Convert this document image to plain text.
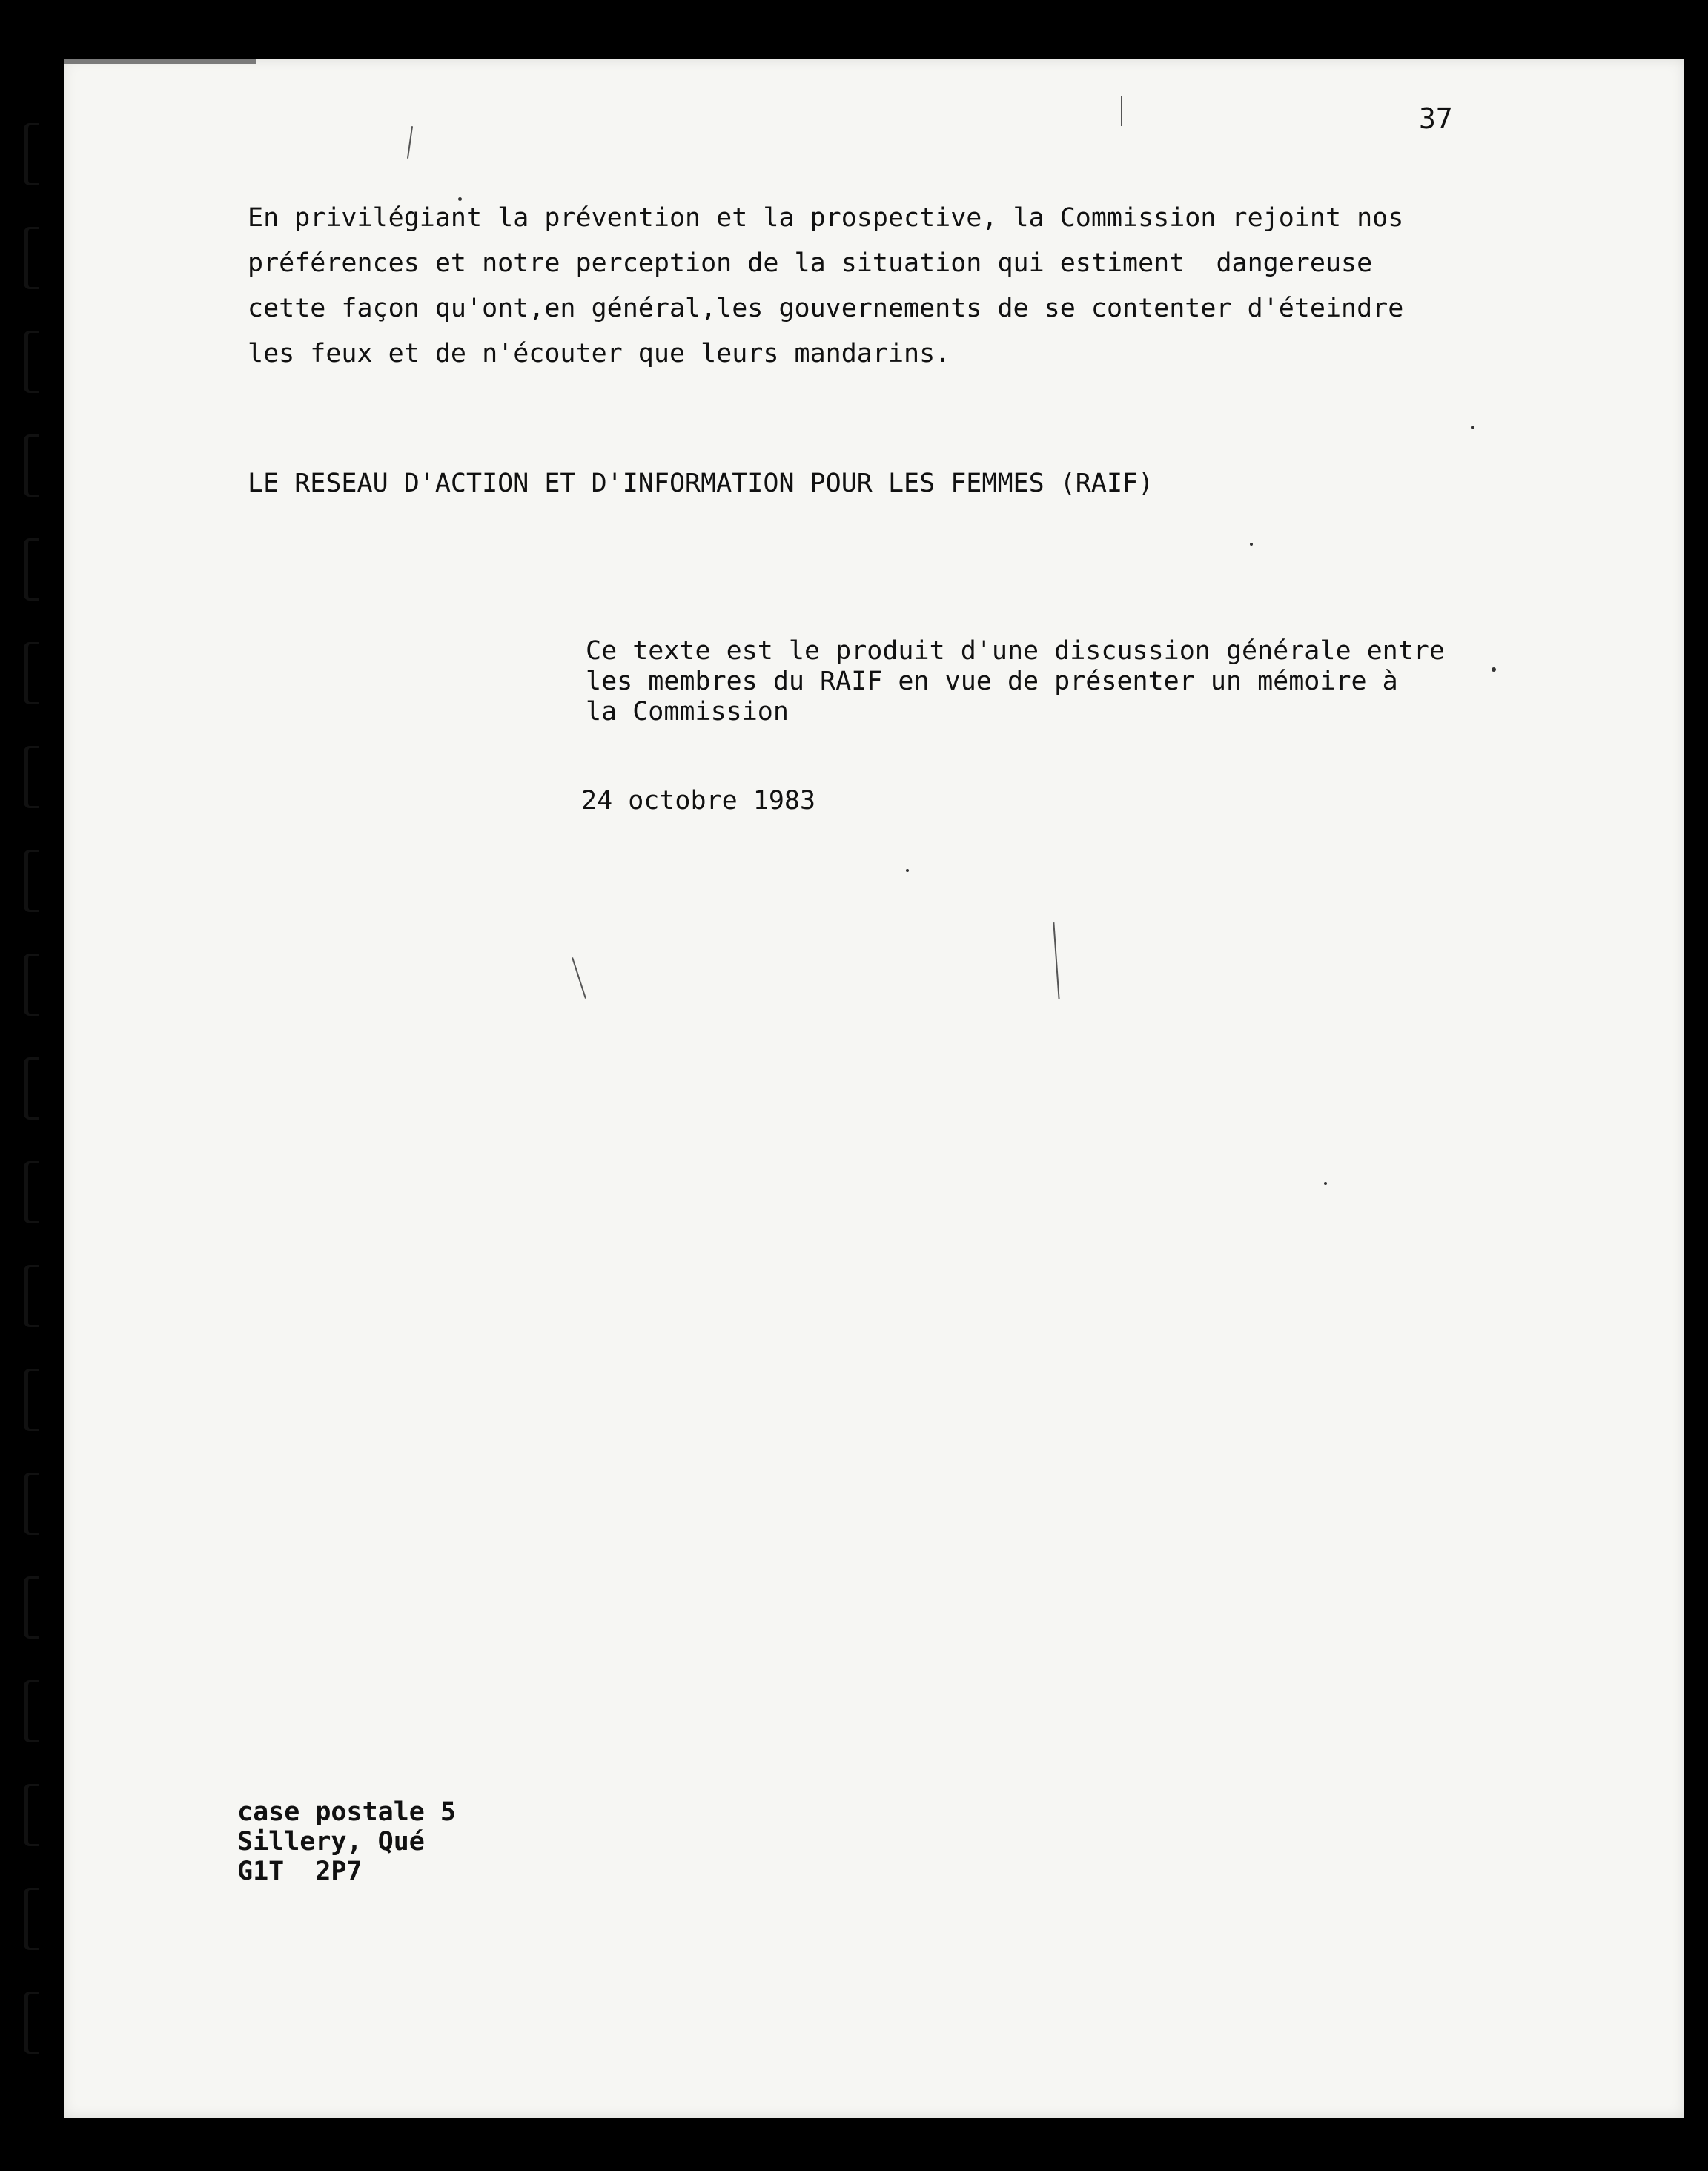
37
En privilégiant la prévention et la prospective, la Commission rejoint nos
préférences et notre perception de la situation qui estiment  dangereuse
cette façon qu'ont,en général,les gouvernements de se contenter d'éteindre
les feux et de n'écouter que leurs mandarins.
LE RESEAU D'ACTION ET D'INFORMATION POUR LES FEMMES (RAIF)
Ce texte est le produit d'une discussion générale entre
les membres du RAIF en vue de présenter un mémoire à
la Commission
24 octobre 1983
case postale 5
Sillery, Qué
G1T  2P7
